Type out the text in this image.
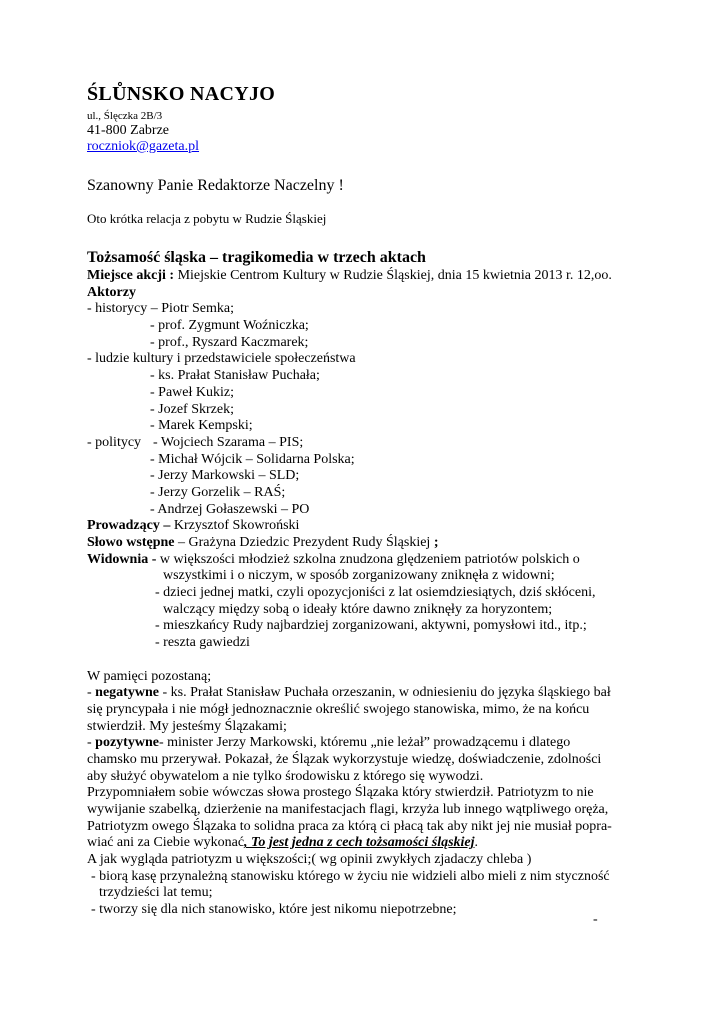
ŚLŮNSKO NACYJO
ul., Ślęczka 2B/3
41-800 Zabrze
roczniok@gazeta.pl
Szanowny Panie Redaktorze Naczelny !
Oto krótka relacja z pobytu w Rudzie Śląskiej
Tożsamość śląska – tragikomedia w trzech aktach
Miejsce akcji : Miejskie Centrom Kultury w Rudzie Śląskiej, dnia 15 kwietnia 2013 r. 12,oo.
Aktorzy
- historycy – Piotr Semka;
- prof. Zygmunt Woźniczka;
- prof., Ryszard Kaczmarek;
- ludzie kultury i przedstawiciele społeczeństwa
- ks. Prałat Stanisław Puchała;
- Paweł Kukiz;
- Jozef Skrzek;
- Marek Kempski;
- politycy - Wojciech Szarama – PIS;
- Michał Wójcik – Solidarna Polska;
- Jerzy Markowski – SLD;
- Jerzy Gorzelik – RAŚ;
- Andrzej Gołaszewski – PO
Prowadzący – Krzysztof Skowroński
Słowo wstępne – Grażyna Dziedzic Prezydent Rudy Śląskiej ;
Widownia - w większości młodzież szkolna znudzona ględzeniem patriotów polskich o
wszystkimi i o niczym, w sposób zorganizowany zniknęła z widowni;
- dzieci jednej matki, czyli opozycjoniści z lat osiemdziesiątych, dziś skłóceni,
walczący między sobą o ideały które dawno zniknęły za horyzontem;
- mieszkańcy Rudy najbardziej zorganizowani, aktywni, pomysłowi itd., itp.;
- reszta gawiedzi
W pamięci pozostaną;
- negatywne - ks. Prałat Stanisław Puchała orzeszanin, w odniesieniu do języka śląskiego bał
się pryncypała i nie mógł jednoznacznie określić swojego stanowiska, mimo, że na końcu
stwierdził. My jesteśmy Ślązakami;
- pozytywne- minister Jerzy Markowski, któremu „nie leżał” prowadzącemu i dlatego
chamsko mu przerywał. Pokazał, że Ślązak wykorzystuje wiedzę, doświadczenie, zdolności
aby służyć obywatelom a nie tylko środowisku z którego się wywodzi.
Przypomniałem sobie wówczas słowa prostego Ślązaka który stwierdził. Patriotyzm to nie
wywijanie szabelką, dzierżenie na manifestacjach flagi, krzyża lub innego wątpliwego oręża,
Patriotyzm owego Ślązaka to solidna praca za którą ci płacą tak aby nikt jej nie musiał popra-
wiać ani za Ciebie wykonać, To jest jedna z cech tożsamości śląskiej.
A jak wygląda patriotyzm u większości;( wg opinii zwykłych zjadaczy chleba )
- biorą kasę przynależną stanowisku którego w życiu nie widzieli albo mieli z nim styczność
trzydzieści lat temu;
- tworzy się dla nich stanowisko, które jest nikomu niepotrzebne;
-
